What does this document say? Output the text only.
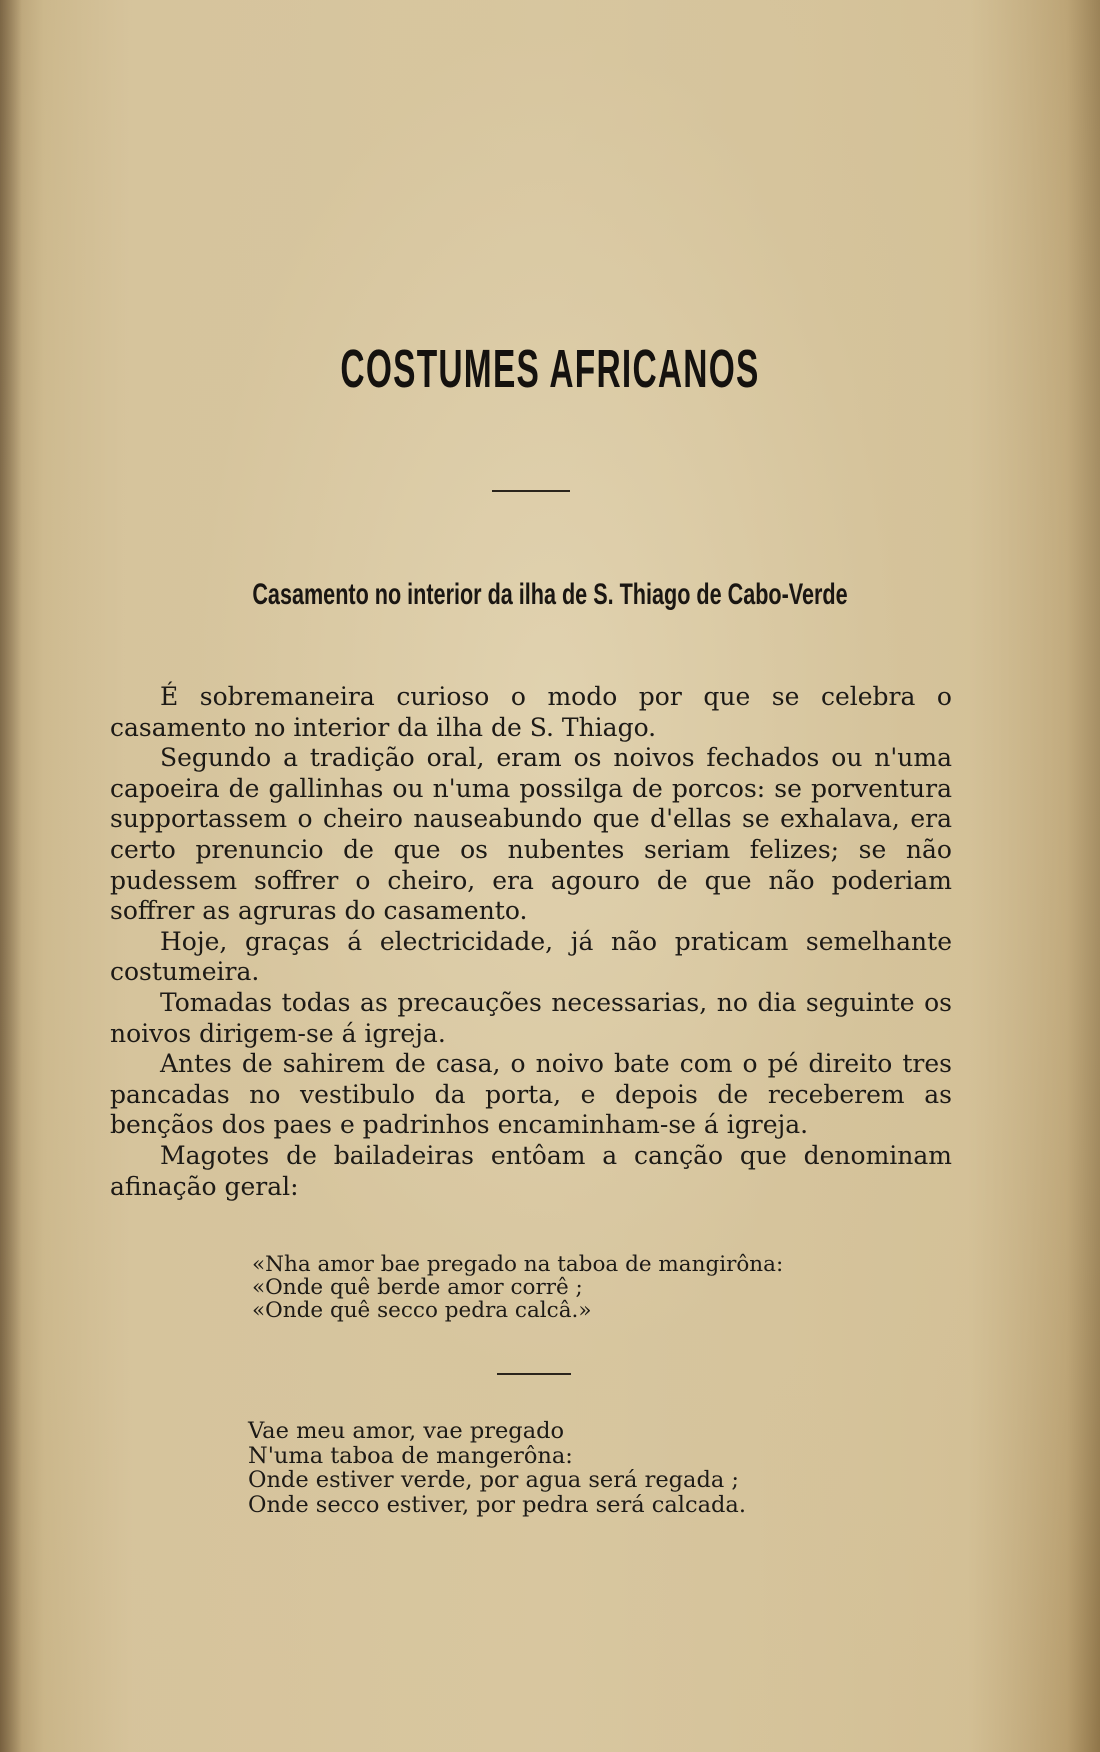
COSTUMES AFRICANOS
Casamento no interior da ilha de S. Thiago de Cabo-Verde

É sobremaneira curioso o modo por que se celebra o casamento no interior da ilha de S. Thiago.

Segundo a tradição oral, eram os noivos fechados ou n'uma capoeira de gallinhas ou n'uma possilga de porcos: se porventura supportassem o cheiro nauseabundo que d'ellas se exhalava, era certo prenuncio de que os nubentes seriam felizes; se não pudessem soffrer o cheiro, era agouro de que não poderiam soffrer as agruras do casamento.

Hoje, graças á electricidade, já não praticam semelhante costumeira.

Tomadas todas as precauções necessarias, no dia seguinte os noivos dirigem-se á igreja.

Antes de sahirem de casa, o noivo bate com o pé direito tres pancadas no vestibulo da porta, e depois de receberem as bençãos dos paes e padrinhos encaminham-se á igreja.

Magotes de bailadeiras entôam a canção que denominam afinação geral:

«Nha amor bae pregado na taboa de mangirôna:
«Onde quê berde amor corrê ;
«Onde quê secco pedra calcâ.»
Vae meu amor, vae pregado
N'uma taboa de mangerôna:
Onde estiver verde, por agua será regada ;
Onde secco estiver, por pedra será calcada.
